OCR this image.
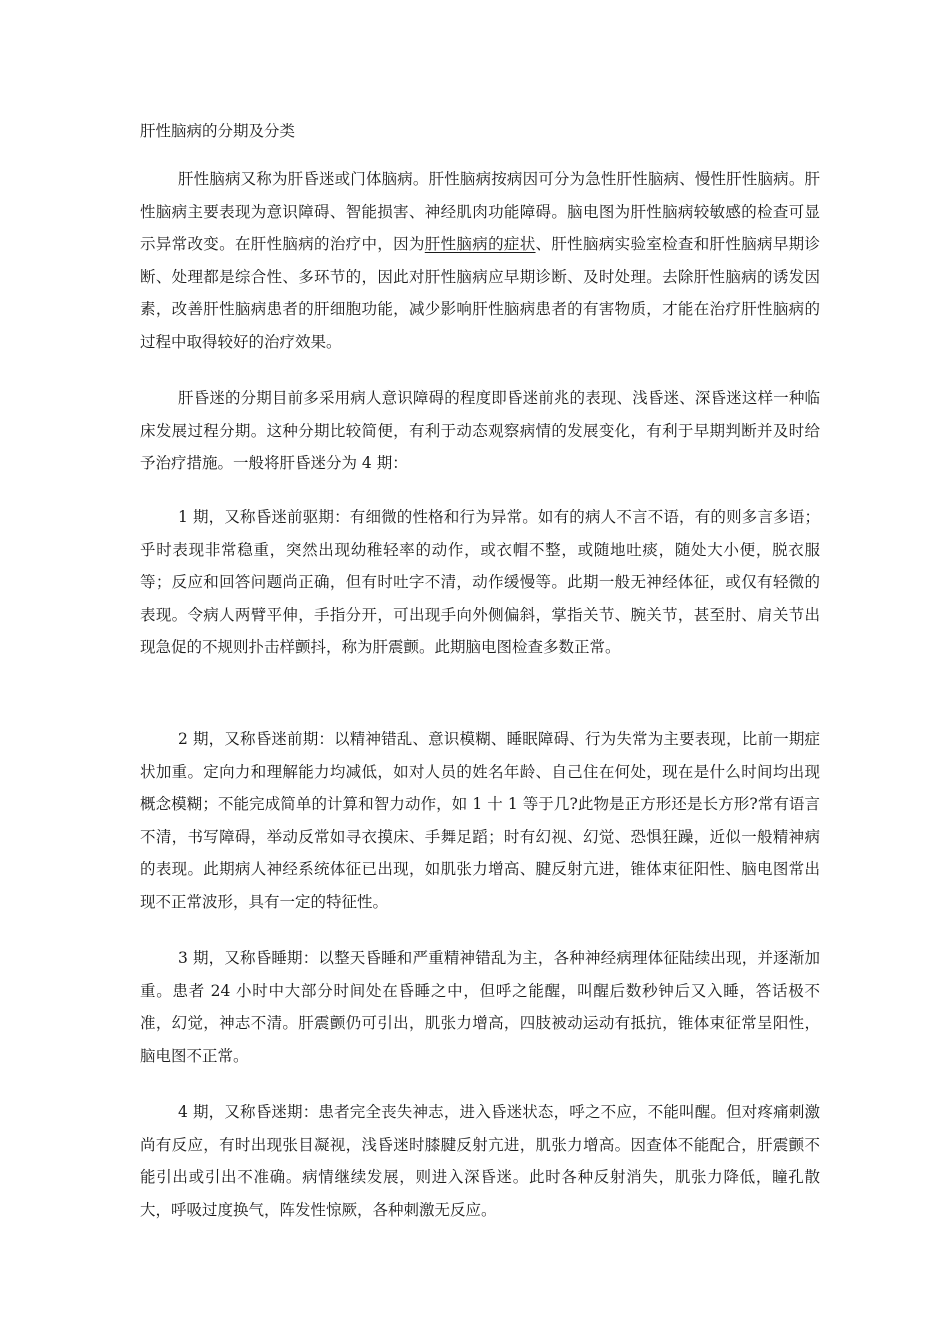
肝性脑病的分期及分类

肝性脑病又称为肝昏迷或门体脑病。肝性脑病按病因可分为急性肝性脑病、慢性肝性脑病。肝性脑病主要表现为意识障碍、智能损害、神经肌肉功能障碍。脑电图为肝性脑病较敏感的检查可显示异常改变。在肝性脑病的治疗中，因为肝性脑病的症状、肝性脑病实验室检查和肝性脑病早期诊断、处理都是综合性、多环节的，因此对肝性脑病应早期诊断、及时处理。去除肝性脑病的诱发因素，改善肝性脑病患者的肝细胞功能，减少影响肝性脑病患者的有害物质，才能在治疗肝性脑病的过程中取得较好的治疗效果。

肝昏迷的分期目前多采用病人意识障碍的程度即昏迷前兆的表现、浅昏迷、深昏迷这样一种临床发展过程分期。这种分期比较简便，有利于动态观察病情的发展变化，有利于早期判断并及时给予治疗措施。一般将肝昏迷分为 4 期：

1 期，又称昏迷前驱期：有细微的性格和行为异常。如有的病人不言不语，有的则多言多语；乎时表现非常稳重，突然出现幼稚轻率的动作，或衣帽不整，或随地吐痰，随处大小便，脱衣服等；反应和回答问题尚正确，但有时吐字不清，动作缓慢等。此期一般无神经体征，或仅有轻微的表现。令病人两臂平伸，手指分开，可出现手向外侧偏斜，掌指关节、腕关节，甚至肘、肩关节出现急促的不规则扑击样颤抖，称为肝震颤。此期脑电图检查多数正常。

2 期，又称昏迷前期：以精神错乱、意识模糊、睡眠障碍、行为失常为主要表现，比前一期症状加重。定向力和理解能力均减低，如对人员的姓名年龄、自己住在何处，现在是什么时间均出现概念模糊；不能完成简单的计算和智力动作，如 1 十 1 等于几?此物是正方形还是长方形?常有语言不清，书写障碍，举动反常如寻衣摸床、手舞足蹈；时有幻视、幻觉、恐惧狂躁，近似一般精神病的表现。此期病人神经系统体征已出现，如肌张力增高、腱反射亢进，锥体束征阳性、脑电图常出现不正常波形，具有一定的特征性。

3 期，又称昏睡期：以整天昏睡和严重精神错乱为主，各种神经病理体征陆续出现，并逐渐加重。患者 24 小时中大部分时间处在昏睡之中，但呼之能醒，叫醒后数秒钟后又入睡，答话极不准，幻觉，神志不清。肝震颤仍可引出，肌张力增高，四肢被动运动有抵抗，锥体束征常呈阳性，脑电图不正常。

4 期，又称昏迷期：患者完全丧失神志，进入昏迷状态，呼之不应，不能叫醒。但对疼痛刺激尚有反应，有时出现张目凝视，浅昏迷时膝腱反射亢进，肌张力增高。因查体不能配合，肝震颤不能引出或引出不准确。病情继续发展，则进入深昏迷。此时各种反射消失，肌张力降低，瞳孔散大，呼吸过度换气，阵发性惊厥，各种刺激无反应。
